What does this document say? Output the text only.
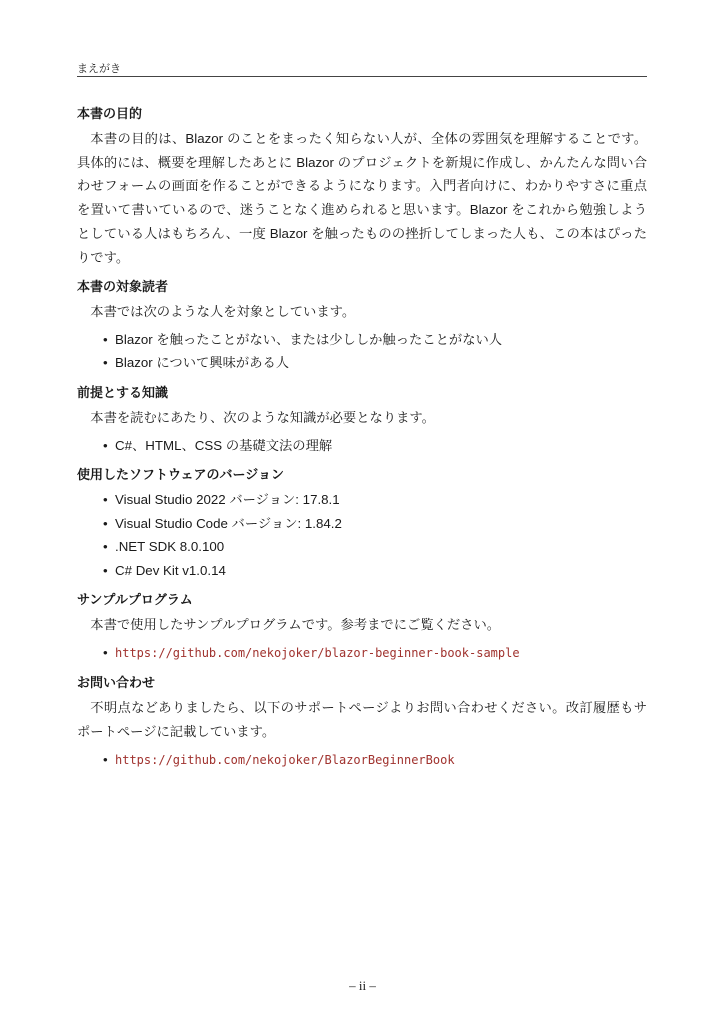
まえがき
本書の目的

本書の目的は、Blazor のことをまったく知らない人が、全体の雰囲気を理解することです。具体的には、概要を理解したあとに Blazor のプロジェクトを新規に作成し、かんたんな問い合わせフォームの画面を作ることができるようになります。入門者向けに、わかりやすさに重点を置いて書いているので、迷うことなく進められると思います。Blazor をこれから勉強しようとしている人はもちろん、一度 Blazor を触ったものの挫折してしまった人も、この本はぴったりです。

本書の対象読者

本書では次のような人を対象としています。

• Blazor を触ったことがない、または少ししか触ったことがない人
• Blazor について興味がある人
前提とする知識

本書を読むにあたり、次のような知識が必要となります。

• C#、HTML、CSS の基礎文法の理解
使用したソフトウェアのバージョン
• Visual Studio 2022 バージョン: 17.8.1
• Visual Studio Code バージョン: 1.84.2
• .NET SDK 8.0.100
• C# Dev Kit v1.0.14
サンプルプログラム

本書で使用したサンプルプログラムです。参考までにご覧ください。

• https://github.com/nekojoker/blazor-beginner-book-sample
お問い合わせ

不明点などありましたら、以下のサポートページよりお問い合わせください。改訂履歴もサポートページに記載しています。

• https://github.com/nekojoker/BlazorBeginnerBook
– ii –
